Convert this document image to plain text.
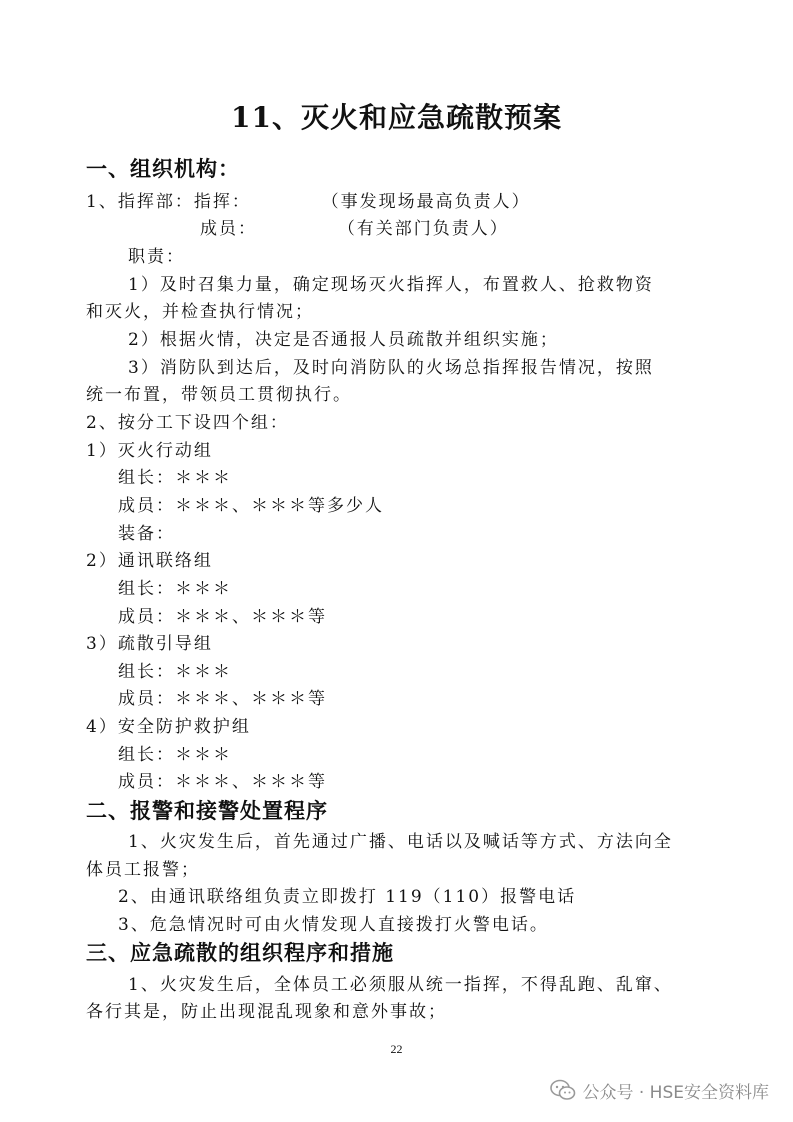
11、灭火和应急疏散预案
一、组织机构：
1、指挥部：指挥：	（事发现场最高负责人）
成员：	（有关部门负责人）
职责：
1）及时召集力量，确定现场灭火指挥人，布置救人、抢救物资
和灭火，并检查执行情况；
2）根据火情，决定是否通报人员疏散并组织实施；
3）消防队到达后，及时向消防队的火场总指挥报告情况，按照
统一布置，带领员工贯彻执行。
2、按分工下设四个组：
1）灭火行动组
组长：＊＊＊
成员：＊＊＊、＊＊＊等多少人
装备：
2）通讯联络组
组长：＊＊＊
成员：＊＊＊、＊＊＊等
3）疏散引导组
组长：＊＊＊
成员：＊＊＊、＊＊＊等
4）安全防护救护组
组长：＊＊＊
成员：＊＊＊、＊＊＊等
二、报警和接警处置程序
1、火灾发生后，首先通过广播、电话以及喊话等方式、方法向全
体员工报警；
2、由通讯联络组负责立即拨打 119（110）报警电话
3、危急情况时可由火情发现人直接拨打火警电话。
三、应急疏散的组织程序和措施
1、火灾发生后，全体员工必须服从统一指挥，不得乱跑、乱窜、
各行其是，防止出现混乱现象和意外事故；
22
公众号 · HSE安全资料库
